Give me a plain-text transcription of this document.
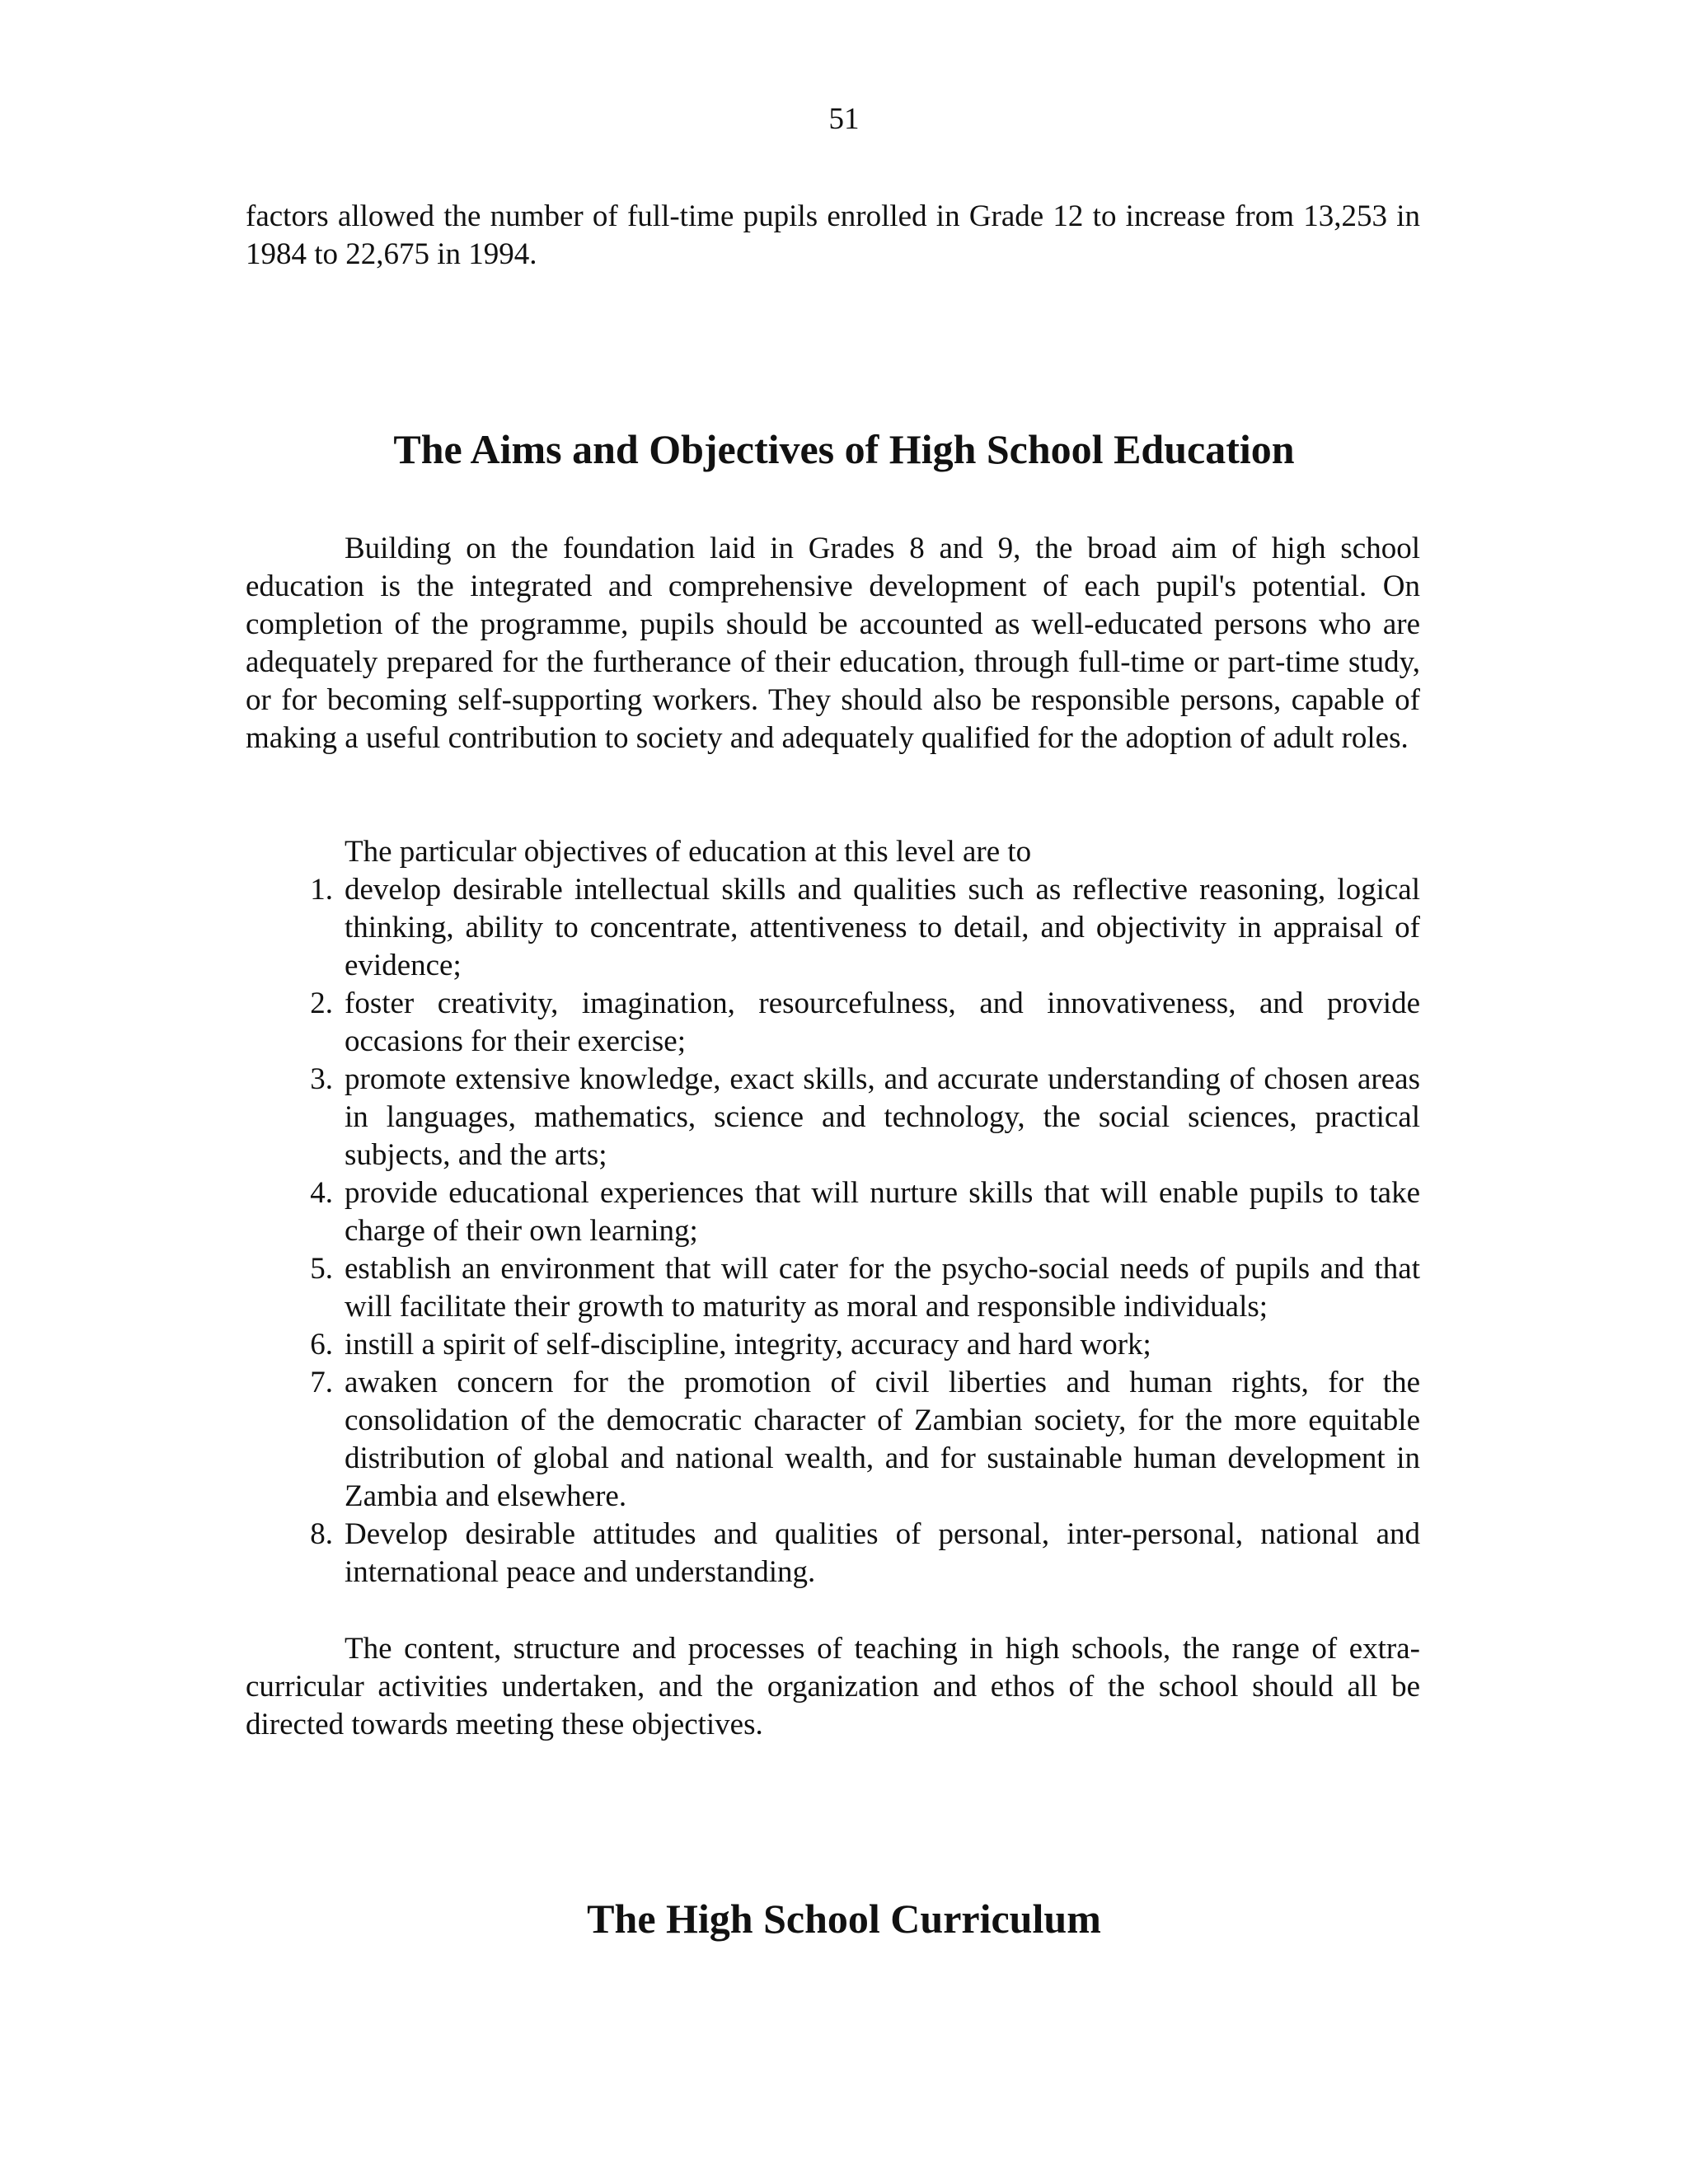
51

factors allowed the number of full-time pupils enrolled in Grade 12 to increase from 13,253 in 1984 to 22,675 in 1994.

The Aims and Objectives of High School Education

Building on the foundation laid in Grades 8 and 9, the broad aim of high school education is the integrated and comprehensive development of each pupil's potential. On completion of the programme, pupils should be accounted as well-educated persons who are adequately prepared for the furtherance of their education, through full-time or part-time study, or for becoming self-supporting workers. They should also be responsible persons, capable of making a useful contribution to society and adequately qualified for the adoption of adult roles.

The particular objectives of education at this level are to

1. develop desirable intellectual skills and qualities such as reflective reasoning, logical thinking, ability to concentrate, attentiveness to detail, and objectivity in appraisal of evidence;
2. foster creativity, imagination, resourcefulness, and innovativeness, and provide occasions for their exercise;
3. promote extensive knowledge, exact skills, and accurate understanding of chosen areas in languages, mathematics, science and technology, the social sciences, practical subjects, and the arts;
4. provide educational experiences that will nurture skills that will enable pupils to take charge of their own learning;
5. establish an environment that will cater for the psycho-social needs of pupils and that will facilitate their growth to maturity as moral and responsible individuals;
6. instill a spirit of self-discipline, integrity, accuracy and hard work;
7. awaken concern for the promotion of civil liberties and human rights, for the consolidation of the democratic character of Zambian society, for the more equitable distribution of global and national wealth, and for sustainable human development in Zambia and elsewhere.
8. Develop desirable attitudes and qualities of personal, inter-personal, national and international peace and understanding.

The content, structure and processes of teaching in high schools, the range of extra-curricular activities undertaken, and the organization and ethos of the school should all be directed towards meeting these objectives.

The High School Curriculum
